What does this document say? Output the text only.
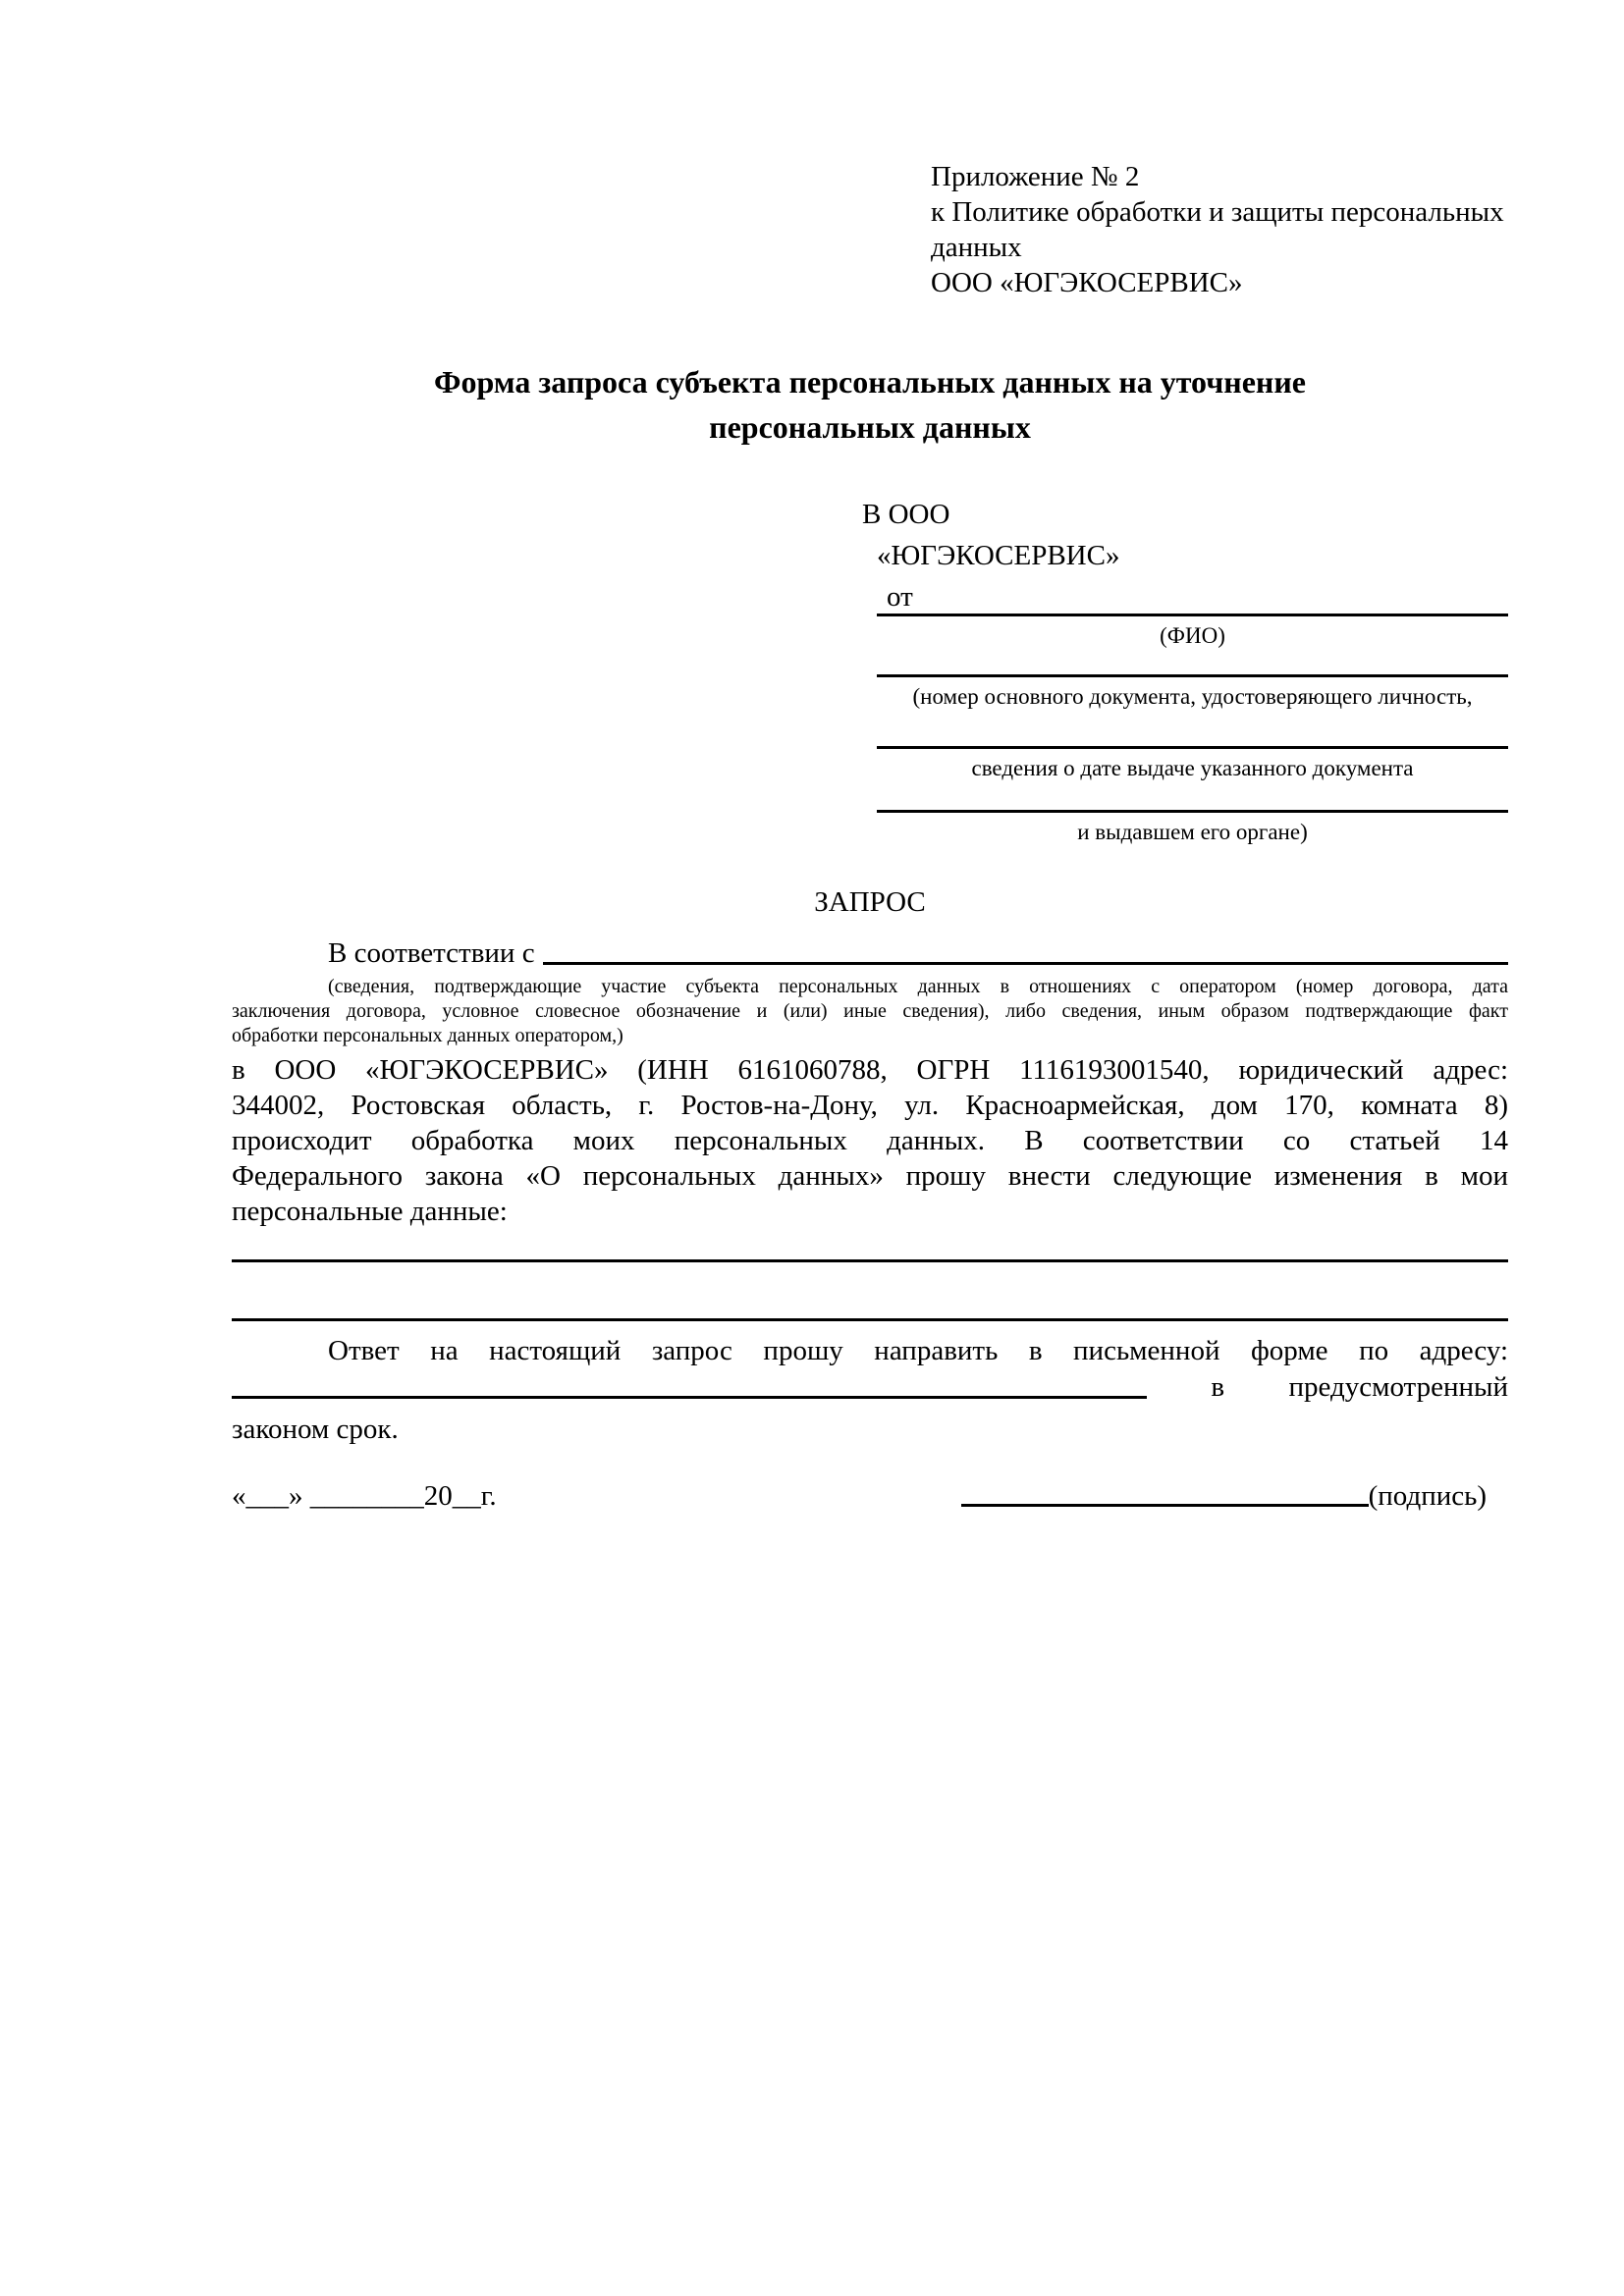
Приложение № 2
к Политике обработки и защиты персональных данных
ООО «ЮГЭКОСЕРВИС»
Форма запроса субъекта персональных данных на уточнение персональных данных
В ООО
«ЮГЭКОСЕРВИС»
от
(ФИО)
(номер основного документа, удостоверяющего личность,
сведения о дате выдаче указанного документа
и выдавшем его органе)
ЗАПРОС
В соответствии с
(сведения, подтверждающие участие субъекта персональных данных в отношениях с оператором (номер договора, дата
заключения договора, условное словесное обозначение и (или) иные сведения), либо сведения, иным образом подтверждающие факт
обработки персональных данных оператором,)
в ООО «ЮГЭКОСЕРВИС» (ИНН 6161060788, ОГРН 1116193001540, юридический адрес:
344002, Ростовская область, г. Ростов-на-Дону, ул. Красноармейская, дом 170, комната 8)
происходит обработка моих персональных данных. В соответствии со статьей 14
Федерального закона «О персональных данных» прошу внести следующие изменения в мои
персональные данные:
Ответ на настоящий запрос прошу направить в письменной форме по адресу:
в предусмотренный
законом срок.
«___» ________20__г.	(подпись)
